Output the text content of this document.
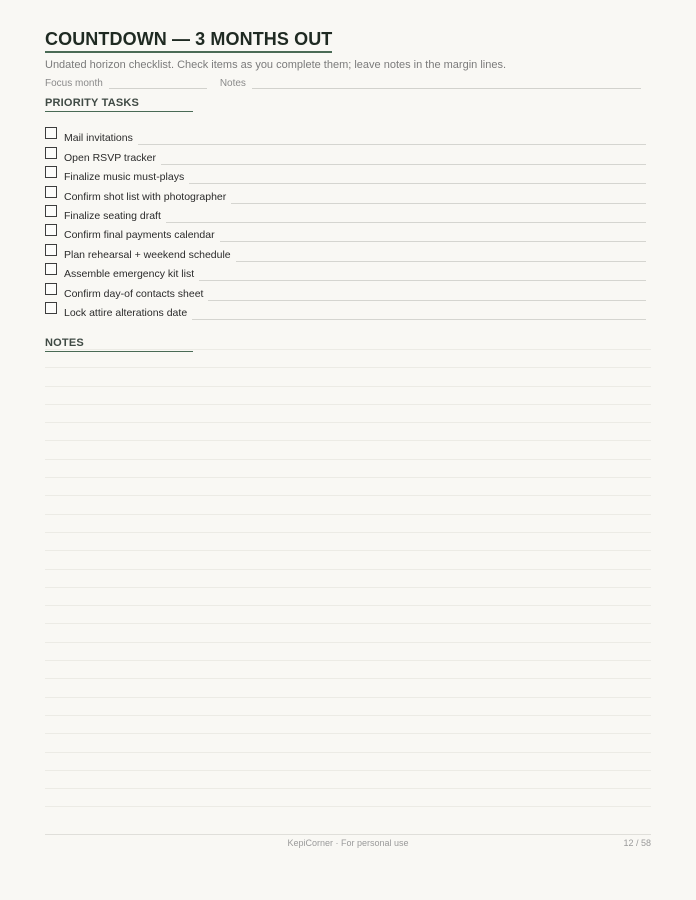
COUNTDOWN — 3 MONTHS OUT
Undated horizon checklist. Check items as you complete them; leave notes in the margin lines.
Focus month	Notes
PRIORITY TASKS
Mail invitations
Open RSVP tracker
Finalize music must-plays
Confirm shot list with photographer
Finalize seating draft
Confirm final payments calendar
Plan rehearsal + weekend schedule
Assemble emergency kit list
Confirm day-of contacts sheet
Lock attire alterations date
NOTES
KepiCorner · For personal use	12 / 58
